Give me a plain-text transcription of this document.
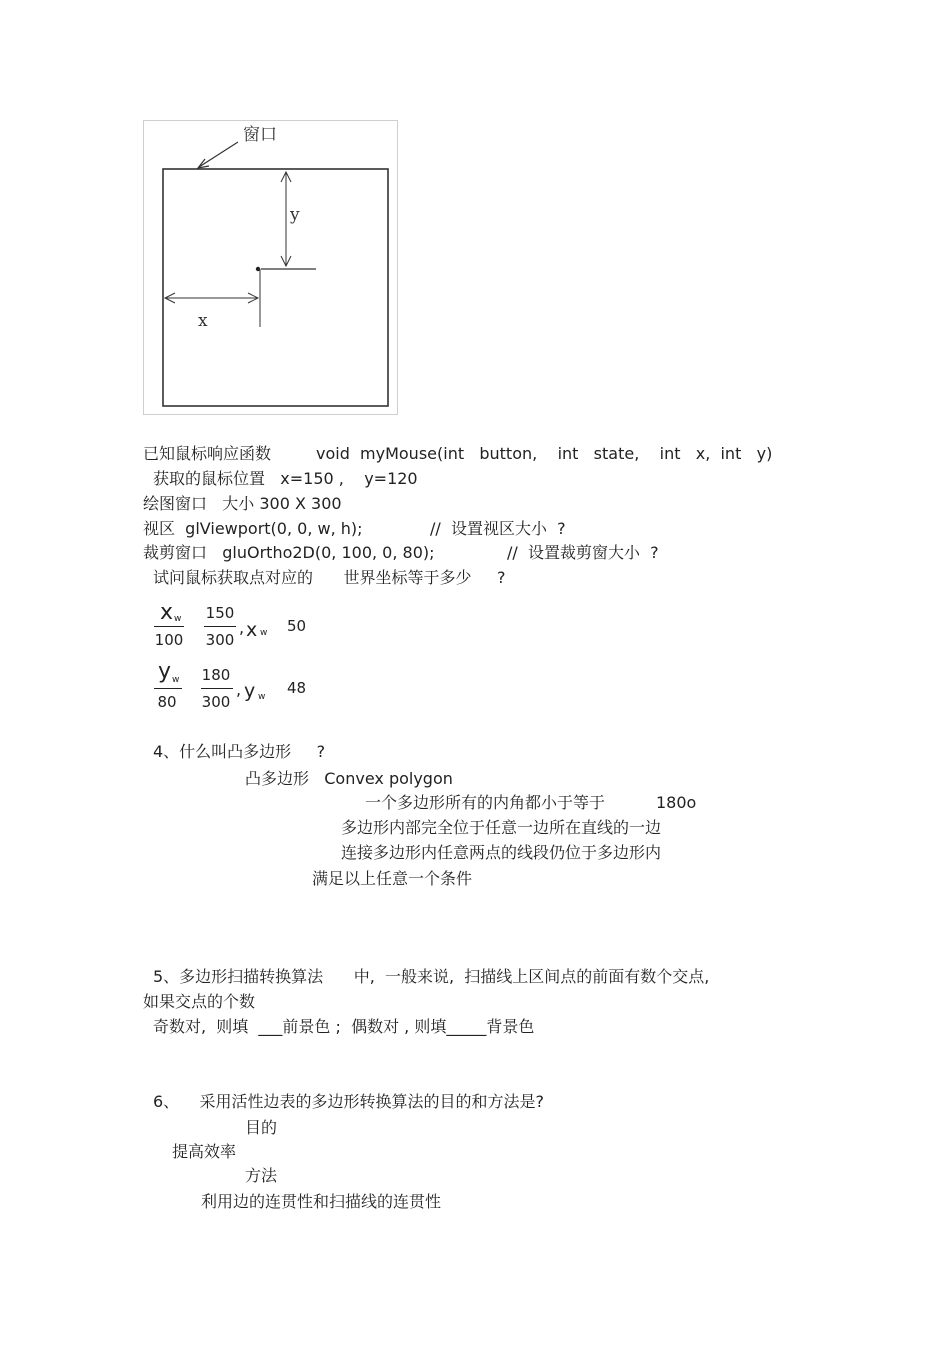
窗口
y
x
已知鼠标响应函数	void  myMouse(int   button,    int   state,    int   x,  int   y)
获取的鼠标位置   x=150 ,    y=120
绘图窗口   大小 300 X 300
视区  glViewport(0, 0, w, h);	//  设置视区大小  ?
裁剪窗口   gluOrtho2D(0, 100, 0, 80);	//  设置裁剪窗大小  ?
试问鼠标获取点对应的      世界坐标等于多少     ?
x w
100
150
300
, x w 50
y w
80
180
300
, y w 48
4、什么叫凸多边形     ?
凸多边形   Convex polygon
一个多边形所有的内角都小于等于	180o
多边形内部完全位于任意一边所在直线的一边
连接多边形内任意两点的线段仍位于多边形内
满足以上任意一个条件
5、多边形扫描转换算法      中,  一般来说,  扫描线上区间点的前面有数个交点,
如果交点的个数
奇数对,  则填  ___前景色 ;  偶数对 , 则填_____背景色
6、    采用活性边表的多边形转换算法的目的和方法是?
目的
提高效率
方法
利用边的连贯性和扫描线的连贯性
